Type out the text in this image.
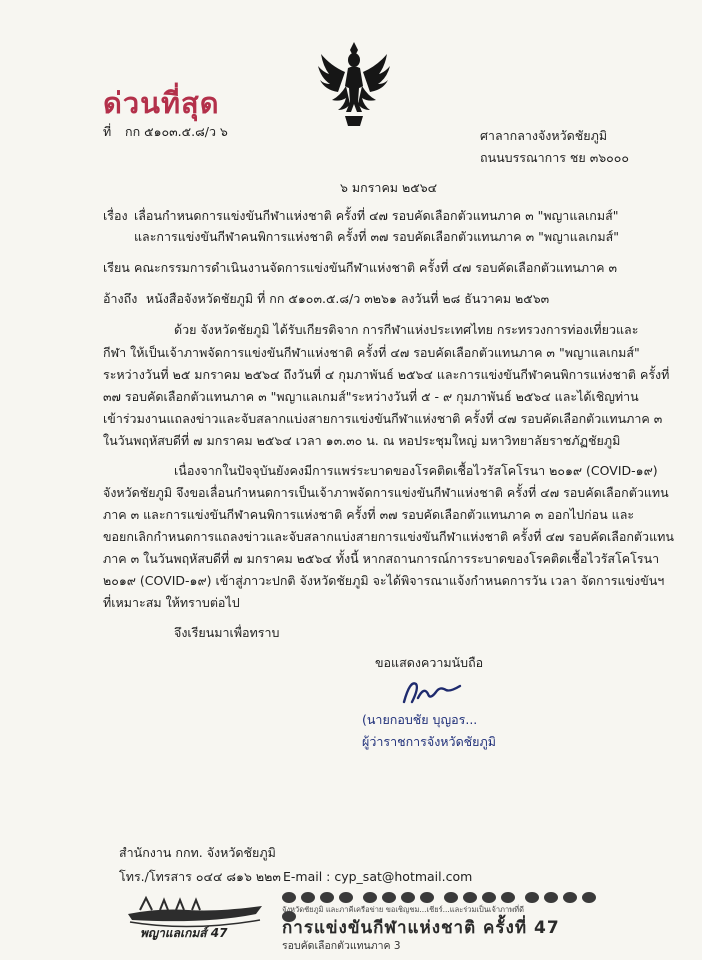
ด่วนที่สุด
ที่ กก ๕๑๐๓.๕.๘/ว ๖	ศาลากลางจังหวัดชัยภูมิ
ถนนบรรณาการ ชย ๓๖๐๐๐
๖ มกราคม ๒๕๖๔
เรื่อง เลื่อนกำหนดการแข่งขันกีฬาแห่งชาติ ครั้งที่ ๔๗ รอบคัดเลือกตัวแทนภาค ๓ "พญาแลเกมส์"
และการแข่งขันกีฬาคนพิการแห่งชาติ ครั้งที่ ๓๗ รอบคัดเลือกตัวแทนภาค ๓ "พญาแลเกมส์"
เรียน คณะกรรมการดำเนินงานจัดการแข่งขันกีฬาแห่งชาติ ครั้งที่ ๔๗ รอบคัดเลือกตัวแทนภาค ๓
อ้างถึง หนังสือจังหวัดชัยภูมิ ที่ กก ๕๑๐๓.๕.๘/ว ๓๒๖๑ ลงวันที่ ๒๘ ธันวาคม ๒๕๖๓
ด้วย จังหวัดชัยภูมิ ได้รับเกียรติจาก การกีฬาแห่งประเทศไทย กระทรวงการท่องเที่ยวและ
กีฬา ให้เป็นเจ้าภาพจัดการแข่งขันกีฬาแห่งชาติ ครั้งที่ ๔๗ รอบคัดเลือกตัวแทนภาค ๓ "พญาแลเกมส์"
ระหว่างวันที่ ๒๕ มกราคม ๒๕๖๔ ถึงวันที่ ๔ กุมภาพันธ์ ๒๕๖๔ และการแข่งขันกีฬาคนพิการแห่งชาติ ครั้งที่
๓๗ รอบคัดเลือกตัวแทนภาค ๓ "พญาแลเกมส์"ระหว่างวันที่ ๕ - ๙ กุมภาพันธ์ ๒๕๖๔ และได้เชิญท่าน
เข้าร่วมงานแถลงข่าวและจับสลากแบ่งสายการแข่งขันกีฬาแห่งชาติ ครั้งที่ ๔๗ รอบคัดเลือกตัวแทนภาค ๓
ในวันพฤหัสบดีที่ ๗ มกราคม ๒๕๖๔ เวลา ๑๓.๓๐ น. ณ หอประชุมใหญ่ มหาวิทยาลัยราชภัฏชัยภูมิ
เนื่องจากในปัจจุบันยังคงมีการแพร่ระบาดของโรคติดเชื้อไวรัสโคโรนา ๒๐๑๙ (COVID-๑๙)
จังหวัดชัยภูมิ จึงขอเลื่อนกำหนดการเป็นเจ้าภาพจัดการแข่งขันกีฬาแห่งชาติ ครั้งที่ ๔๗ รอบคัดเลือกตัวแทน
ภาค ๓ และการแข่งขันกีฬาคนพิการแห่งชาติ ครั้งที่ ๓๗ รอบคัดเลือกตัวแทนภาค ๓ ออกไปก่อน และ
ขอยกเลิกกำหนดการแถลงข่าวและจับสลากแบ่งสายการแข่งขันกีฬาแห่งชาติ ครั้งที่ ๔๗ รอบคัดเลือกตัวแทน
ภาค ๓ ในวันพฤหัสบดีที่ ๗ มกราคม ๒๕๖๔ ทั้งนี้ หากสถานการณ์การระบาดของโรคติดเชื้อไวรัสโคโรนา
๒๐๑๙ (COVID-๑๙) เข้าสู่ภาวะปกติ จังหวัดชัยภูมิ จะได้พิจารณาแจ้งกำหนดการวัน เวลา จัดการแข่งขันฯ
ที่เหมาะสม ให้ทราบต่อไป
จึงเรียนมาเพื่อทราบ
ขอแสดงความนับถือ
(นายกอบชัย บุญอร...
ผู้ว่าราชการจังหวัดชัยภูมิ
สำนักงาน กกท. จังหวัดชัยภูมิ
โทร./โทรสาร ๐๔๔ ๘๑๖ ๒๒๓ E-mail : cyp_sat@hotmail.com
พญาแลเกมส์ 47

จังหวัดชัยภูมิ และภาคีเครือข่าย ขอเชิญชม...เชียร์...และร่วมเป็นเจ้าภาพที่ดี
การแข่งขันกีฬาแห่งชาติ ครั้งที่ 47
รอบคัดเลือกตัวแทนภาค 3
